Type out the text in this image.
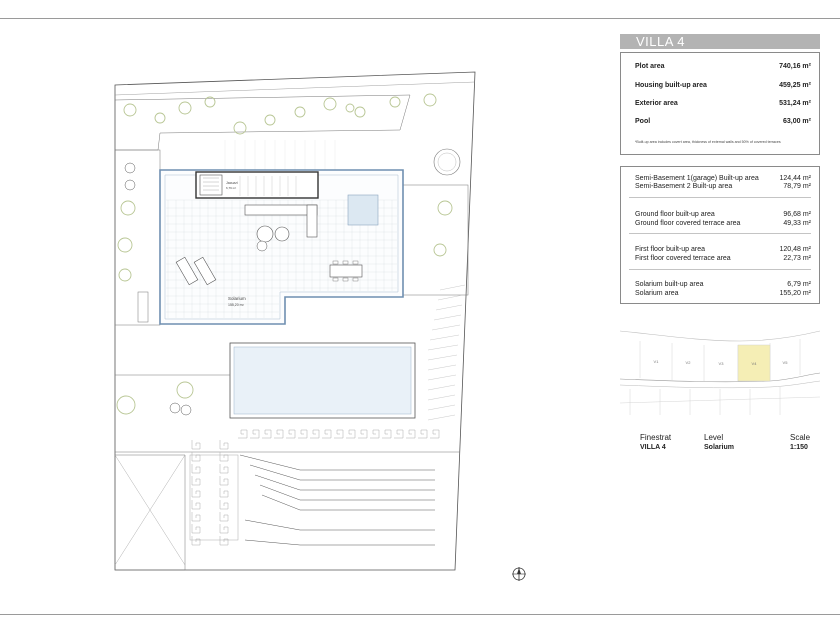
Jacuzzi
6,79 m²
Solarium
155,20 m²
VILLA 4
Plot area	740,16 m²
Housing built-up area	459,25 m²
Exterior area	531,24 m²
Pool	63,00 m²
*Built-up area includes covert area, thickness of external walls and 50% of covered terraces
Semi-Basement 1(garage) Built-up area	124,44 m²
Semi-Basement 2 Built-up area	78,79 m²
Ground floor built-up area	96,68 m²
Ground floor covered terrace area	49,33 m²
First floor built-up area	120,48 m²
First floor covered terrace area	22,73 m²
Solarium built-up area	6,79 m²
Solarium area	155,20 m²
V1	V2	V3	V4	V5
Finestrat
VILLA 4
Level
Solarium
Scale
1:150
